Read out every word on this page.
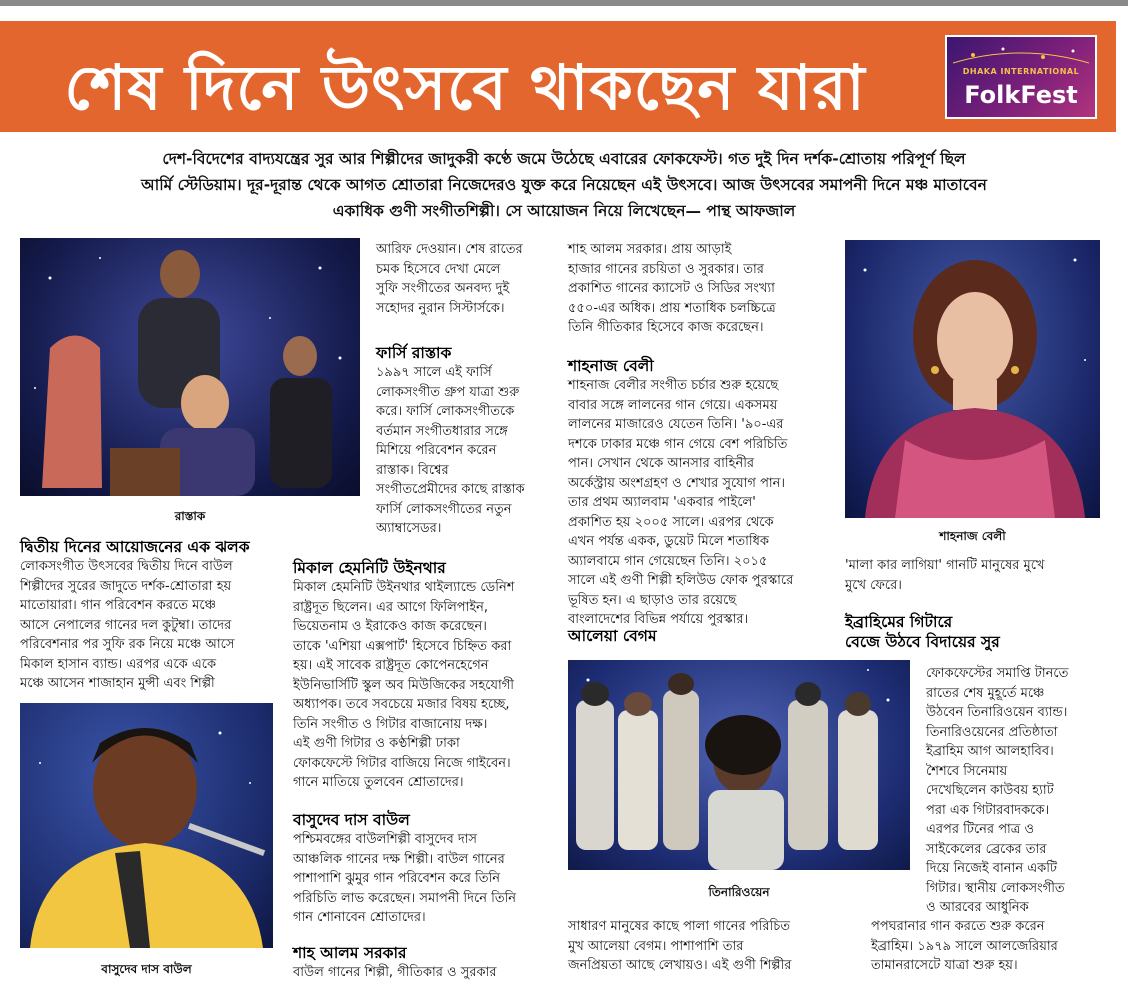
শেষ দিনে উৎসবে থাকছেন যারা	DHAKA INTERNATIONAL
FolkFest
দেশ-বিদেশের বাদ্যযন্ত্রের সুর আর শিল্পীদের জাদুকরী কণ্ঠে জমে উঠেছে এবারের ফোকফেস্ট। গত দুই দিন দর্শক-শ্রোতায় পরিপূর্ণ ছিল
আর্মি স্টেডিয়াম। দূর-দূরান্ত থেকে আগত শ্রোতারা নিজেদেরও যুক্ত করে নিয়েছেন এই উৎসবে। আজ উৎসবের সমাপনী দিনে মঞ্চ মাতাবেন
একাধিক গুণী সংগীতশিল্পী। সে আয়োজন নিয়ে লিখেছেন— পান্থ আফজাল
রাস্তাক
দ্বিতীয় দিনের আয়োজনের এক ঝলক
লোকসংগীত উৎসবের দ্বিতীয় দিনে বাউল
শিল্পীদের সুরের জাদুতে দর্শক-শ্রোতারা হয়
মাতোয়ারা। গান পরিবেশন করতে মঞ্চে
আসে নেপালের গানের দল কুটুম্বা। তাদের
পরিবেশনার পর সুফি রক নিয়ে মঞ্চে আসে
মিকাল হাসান ব্যান্ড। এরপর একে একে
মঞ্চে আসেন শাজাহান মুন্সী এবং শিল্পী
বাসুদেব দাস বাউল
আরিফ দেওয়ান। শেষ রাতের
চমক হিসেবে দেখা মেলে
সুফি সংগীতের অনবদ্য দুই
সহোদর নুরান সিস্টার্সকে।
ফার্সি রাস্তাক
১৯৯৭ সালে এই ফার্সি
লোকসংগীত গ্রুপ যাত্রা শুরু
করে। ফার্সি লোকসংগীতকে
বর্তমান সংগীতধারার সঙ্গে
মিশিয়ে পরিবেশন করেন
রাস্তাক। বিশ্বের
সংগীতপ্রেমীদের কাছে রাস্তাক
ফার্সি লোকসংগীতের নতুন
অ্যাম্বাসেডর।
মিকাল হেমনিটি উইনথার
মিকাল হেমনিটি উইনথার থাইল্যান্ডে ডেনিশ
রাষ্ট্রদূত ছিলেন। এর আগে ফিলিপাইন,
ভিয়েতনাম ও ইরাকেও কাজ করেছেন।
তাকে 'এশিয়া এক্সপার্ট' হিসেবে চিহ্নিত করা
হয়। এই সাবেক রাষ্ট্রদূত কোপেনহেগেন
ইউনিভার্সিটি স্কুল অব মিউজিকের সহযোগী
অধ্যাপক। তবে সবচেয়ে মজার বিষয় হচ্ছে,
তিনি সংগীত ও গিটার বাজানোয় দক্ষ।
এই গুণী গিটার ও কণ্ঠশিল্পী ঢাকা
ফোকফেস্টে গিটার বাজিয়ে নিজে গাইবেন।
গানে মাতিয়ে তুলবেন শ্রোতাদের।
বাসুদেব দাস বাউল
পশ্চিমবঙ্গের বাউলশিল্পী বাসুদেব দাস
আঞ্চলিক গানের দক্ষ শিল্পী। বাউল গানের
পাশাপাশি ঝুমুর গান পরিবেশন করে তিনি
পরিচিতি লাভ করেছেন। সমাপনী দিনে তিনি
গান শোনাবেন শ্রোতাদের।
শাহ আলম সরকার
বাউল গানের শিল্পী, গীতিকার ও সুরকার
শাহ আলম সরকার। প্রায় আড়াই
হাজার গানের রচয়িতা ও সুরকার। তার
প্রকাশিত গানের ক্যাসেট ও সিডির সংখ্যা
৫৫০-এর অধিক। প্রায় শতাধিক চলচ্চিত্রে
তিনি গীতিকার হিসেবে কাজ করেছেন।
শাহনাজ বেলী
শাহনাজ বেলীর সংগীত চর্চার শুরু হয়েছে
বাবার সঙ্গে লালনের গান গেয়ে। একসময়
লালনের মাজারেও যেতেন তিনি। '৯০-এর
দশকে ঢাকার মঞ্চে গান গেয়ে বেশ পরিচিতি
পান। সেখান থেকে আনসার বাহিনীর
অর্কেস্ট্রায় অংশগ্রহণ ও শেখার সুযোগ পান।
তার প্রথম অ্যালবাম 'একবার পাইলে'
প্রকাশিত হয় ২০০৫ সালে। এরপর থেকে
এখন পর্যন্ত একক, ডুয়েট মিলে শতাধিক
অ্যালবামে গান গেয়েছেন তিনি। ২০১৫
সালে এই গুণী শিল্পী হলিউড ফোক পুরস্কারে
ভূষিত হন। এ ছাড়াও তার রয়েছে
বাংলাদেশের বিভিন্ন পর্যায়ে পুরস্কার।
আলেয়া বেগম
তিনারিওয়েন
সাধারণ মানুষের কাছে পালা গানের পরিচিত
মুখ আলেয়া বেগম। পাশাপাশি তার
জনপ্রিয়তা আছে লেখায়ও। এই গুণী শিল্পীর
শাহনাজ বেলী
'মালা কার লাগিয়া' গানটি মানুষের মুখে
মুখে ফেরে।
ইব্রাহিমের গিটারে
বেজে উঠবে বিদায়ের সুর
ফোকফেস্টের সমাপ্তি টানতে
রাতের শেষ মুহূর্তে মঞ্চে
উঠবেন তিনারিওয়েন ব্যান্ড।
তিনারিওয়েনের প্রতিষ্ঠাতা
ইব্রাহিম আগ আলহাবিব।
শৈশবে সিনেমায়
দেখেছিলেন কাউবয় হ্যাট
পরা এক গিটারবাদককে।
এরপর টিনের পাত্র ও
সাইকেলের ব্রেকের তার
দিয়ে নিজেই বানান একটি
গিটার। স্থানীয় লোকসংগীত
ও আরবের আধুনিক
পপঘরানার গান করতে শুরু করেন
ইব্রাহিম। ১৯৭৯ সালে আলজেরিয়ার
তামানরাসেটে যাত্রা শুরু হয়।
